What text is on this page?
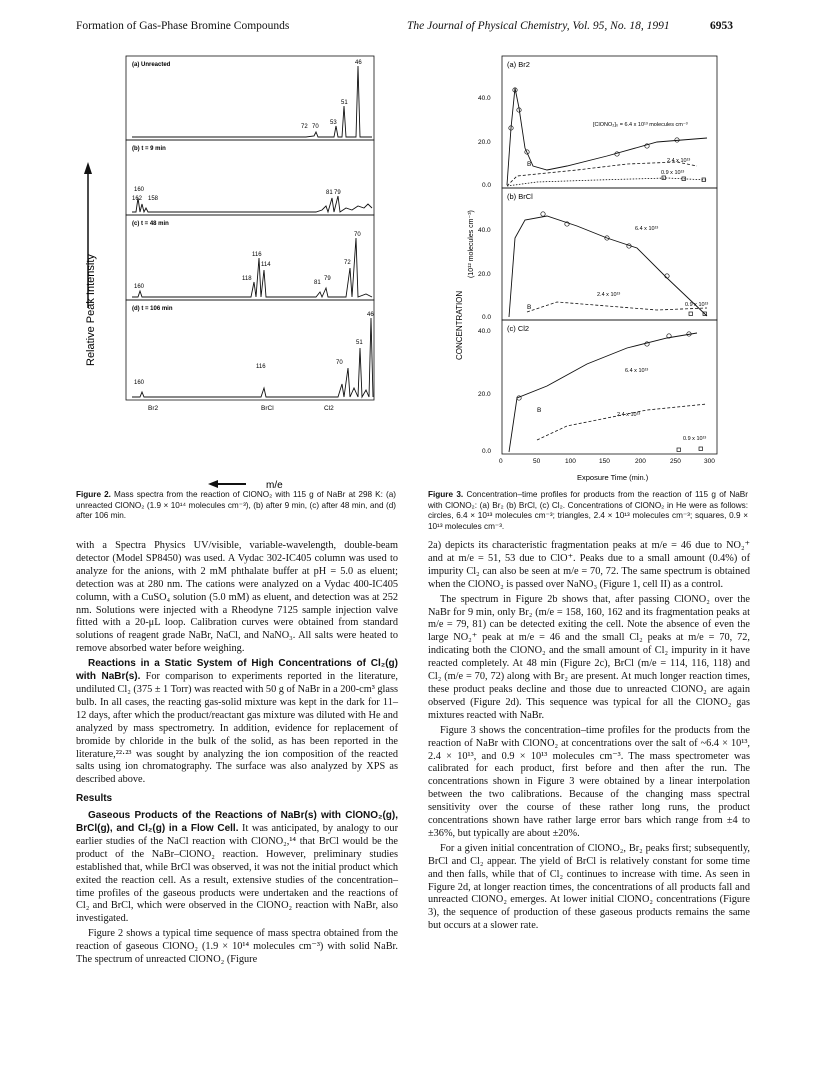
Formation of Gas-Phase Bromine Compounds	The Journal of Physical Chemistry, Vol. 95, No. 18, 1991	6953
Relative Peak Intensity
(a) Unreacted
(b) t = 9 min
(c) t = 48 min
(d) t = 106 min
46
51
53
70
72
160
162 158
81 79
116
114
118
160
81
79
70
72
160
116
70
51
46
Br2	BrCl	Cl2
m/e
CONCENTRATION
(10¹² molecules cm⁻³)
(a) Br2
(b) BrCl
(c) Cl2
40.0
20.0
0.0
40.0
20.0
0.0
40.0
20.0
0.0
[ClONO₂]₀ = 6.4 x 10¹³ molecules cm⁻³
2.4 x 10¹³
0.9 x 10¹³
B
6.4 x 10¹³
2.4 x 10¹³
0.9 x 10¹³
B
6.4 x 10¹³
2.4 x 10¹³
0.9 x 10¹³
B
0	50	100	150	200	250	300
Exposure Time (min.)
Figure 2. Mass spectra from the reaction of ClONO₂ with 115 g of NaBr at 298 K: (a) unreacted ClONO₂ (1.9 × 10¹⁴ molecules cm⁻³), (b) after 9 min, (c) after 48 min, and (d) after 106 min.
Figure 3. Concentration–time profiles for products from the reaction of 115 g of NaBr with ClONO₂: (a) Br₂ (b) BrCl, (c) Cl₂. Concentrations of ClONO₂ in He were as follows: circles, 6.4 × 10¹³ molecules cm⁻³; triangles, 2.4 × 10¹³ molecules cm⁻³; squares, 0.9 × 10¹³ molecules cm⁻³.

with a Spectra Physics UV/visible, variable-wavelength, double-beam detector (Model SP8450) was used. A Vydac 302-IC405 column was used to analyze for the anions, with 2 mM phthalate buffer at pH = 5.0 as eluent; detection was at 280 nm. The cations were analyzed on a Vydac 400-IC405 column, with a CuSO₄ solution (5.0 mM) as eluent, and detection was at 252 nm. Solutions were injected with a Rheodyne 7125 sample injection valve fitted with a 20-μL loop. Calibration curves were obtained from standard solutions of reagent grade NaBr, NaCl, and NaNO₃. All salts were heated to remove absorbed water before weighing.

Reactions in a Static System of High Concentrations of Cl₂(g) with NaBr(s). For comparison to experiments reported in the literature, undiluted Cl₂ (375 ± 1 Torr) was reacted with 50 g of NaBr in a 200-cm³ glass bulb. In all cases, the reacting gas-solid mixture was kept in the dark for 11–12 days, after which the product/reactant gas mixture was diluted with He and analyzed by mass spectrometry. In addition, evidence for replacement of bromide by chloride in the bulk of the solid, as has been reported in the literature,²²·²³ was sought by analyzing the ion composition of the reacted salts using ion chromatography. The surface was also analyzed by XPS as described above.

Results

Gaseous Products of the Reactions of NaBr(s) with ClONO₂(g), BrCl(g), and Cl₂(g) in a Flow Cell. It was anticipated, by analogy to our earlier studies of the NaCl reaction with ClONO₂,¹⁴ that BrCl would be the product of the NaBr–ClONO₂ reaction. However, preliminary studies established that, while BrCl was observed, it was not the initial product which exited the reaction cell. As a result, extensive studies of the concentration–time profiles of the gaseous products were undertaken and the reactions of Cl₂ and BrCl, which were observed in the ClONO₂ reaction with NaBr, also investigated.

Figure 2 shows a typical time sequence of mass spectra obtained from the reaction of gaseous ClONO₂ (1.9 × 10¹⁴ molecules cm⁻³) with solid NaBr. The spectrum of unreacted ClONO₂ (Figure

2a) depicts its characteristic fragmentation peaks at m/e = 46 due to NO₂⁺ and at m/e = 51, 53 due to ClO⁺. Peaks due to a small amount (0.4%) of impurity Cl₂ can also be seen at m/e = 70, 72. The same spectrum is obtained when the ClONO₂ is passed over NaNO₃ (Figure 1, cell II) as a control.

The spectrum in Figure 2b shows that, after passing ClONO₂ over the NaBr for 9 min, only Br₂ (m/e = 158, 160, 162 and its fragmentation peaks at m/e = 79, 81) can be detected exiting the cell. Note the absence of even the large NO₂⁺ peak at m/e = 46 and the small Cl₂ peaks at m/e = 70, 72, indicating both the ClONO₂ and the small amount of Cl₂ impurity in it have reacted completely. At 48 min (Figure 2c), BrCl (m/e = 114, 116, 118) and Cl₂ (m/e = 70, 72) along with Br₂ are present. At much longer reaction times, these product peaks decline and those due to unreacted ClONO₂ are again observed (Figure 2d). This sequence was typical for all the ClONO₂ gas mixtures reacted with NaBr.

Figure 3 shows the concentration–time profiles for the products from the reaction of NaBr with ClONO₂ at concentrations over the salt of ~6.4 × 10¹³, 2.4 × 10¹³, and 0.9 × 10¹³ molecules cm⁻³. The mass spectrometer was calibrated for each product, first before and then after the run. The concentrations shown in Figure 3 were obtained by a linear interpolation between the two calibrations. Because of the changing mass spectral sensitivity over the course of these rather long runs, the product concentrations shown have rather large error bars which range from ±4 to ±36%, but typically are about ±20%.

For a given initial concentration of ClONO₂, Br₂ peaks first; subsequently, BrCl and Cl₂ appear. The yield of BrCl is relatively constant for some time and then falls, while that of Cl₂ continues to increase with time. As seen in Figure 2d, at longer reaction times, the concentrations of all products fall and unreacted ClONO₂ emerges. At lower initial ClONO₂ concentrations (Figure 3), the sequence of production of these gaseous products remains the same but occurs at a slower rate.
